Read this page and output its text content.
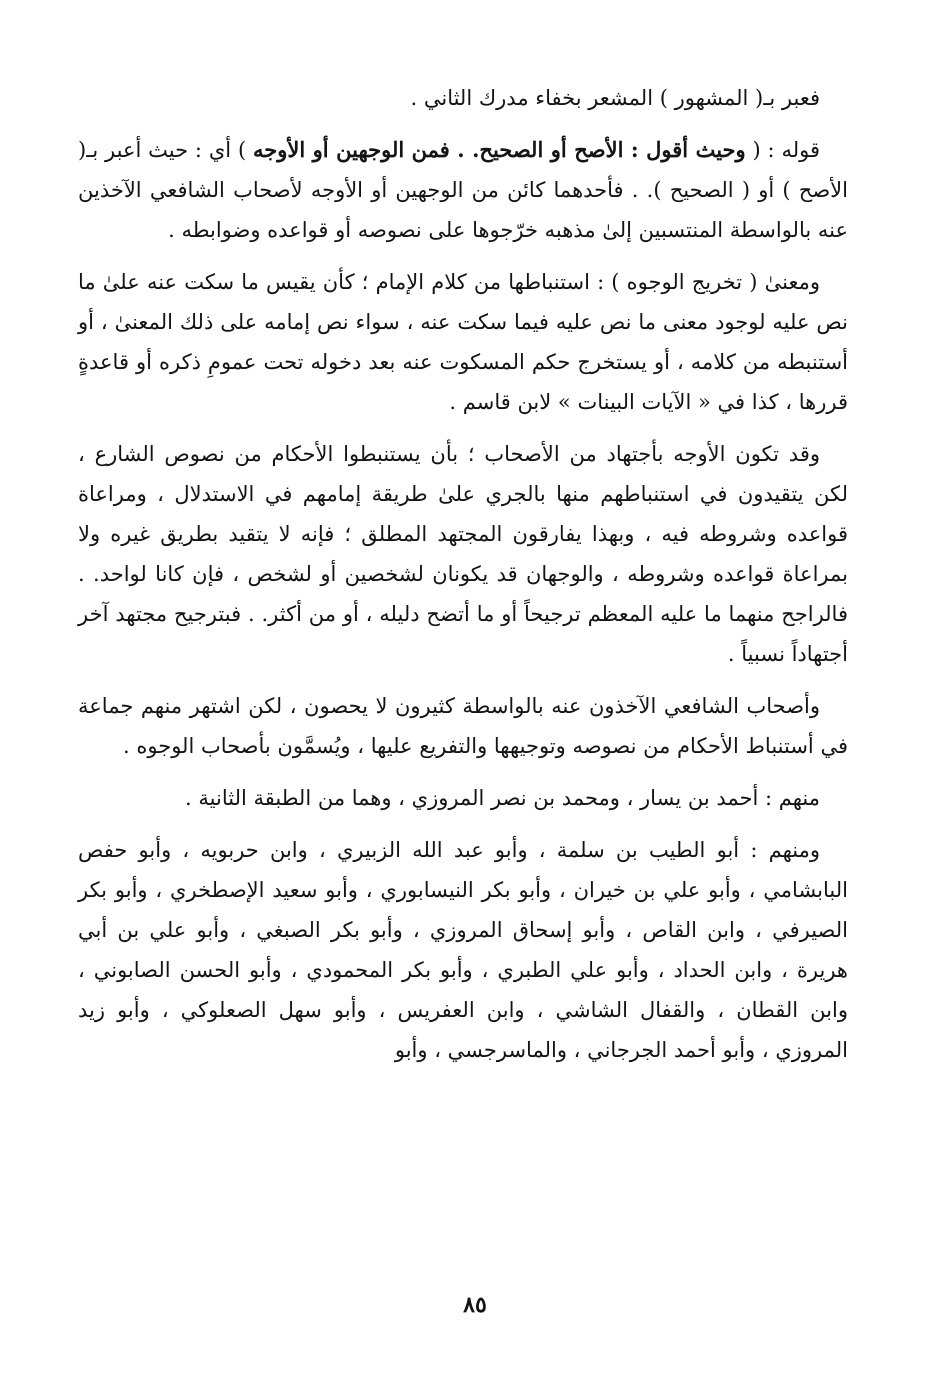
فعبر بـ( المشهور ) المشعر بخفاء مدرك الثاني .

قوله : ( وحيث أقول : الأصح أو الصحيح. . فمن الوجهين أو الأوجه ) أي : حيث أعبر بـ( الأصح ) أو ( الصحيح ). . فأحدهما كائن من الوجهين أو الأوجه لأصحاب الشافعي الآخذين عنه بالواسطة المنتسبين إلىٰ مذهبه خرّجوها على نصوصه أو قواعده وضوابطه .

ومعنىٰ ( تخريج الوجوه ) : استنباطها من كلام الإمام ؛ كأن يقيس ما سكت عنه علىٰ ما نص عليه لوجود معنى ما نص عليه فيما سكت عنه ، سواء نص إمامه على ذلك المعنىٰ ، أو أستنبطه من كلامه ، أو يستخرج حكم المسكوت عنه بعد دخوله تحت عمومِ ذكره أو قاعدةٍ قررها ، كذا في « الآيات البينات » لابن قاسم .

وقد تكون الأوجه بأجتهاد من الأصحاب ؛ بأن يستنبطوا الأحكام من نصوص الشارع ، لكن يتقيدون في استنباطهم منها بالجري علىٰ طريقة إمامهم في الاستدلال ، ومراعاة قواعده وشروطه فيه ، وبهذا يفارقون المجتهد المطلق ؛ فإنه لا يتقيد بطريق غيره ولا بمراعاة قواعده وشروطه ، والوجهان قد يكونان لشخصين أو لشخص ، فإن كانا لواحد. . فالراجح منهما ما عليه المعظم ترجيحاً أو ما أتضح دليله ، أو من أكثر. . فبترجيح مجتهد آخر أجتهاداً نسبياً .

وأصحاب الشافعي الآخذون عنه بالواسطة كثيرون لا يحصون ، لكن اشتهر منهم جماعة في أستنباط الأحكام من نصوصه وتوجيهها والتفريع عليها ، ويُسمَّون بأصحاب الوجوه .

منهم : أحمد بن يسار ، ومحمد بن نصر المروزي ، وهما من الطبقة الثانية .

ومنهم : أبو الطيب بن سلمة ، وأبو عبد الله الزبيري ، وابن حربويه ، وأبو حفص البابشامي ، وأبو علي بن خيران ، وأبو بكر النيسابوري ، وأبو سعيد الإصطخري ، وأبو بكر الصيرفي ، وابن القاص ، وأبو إسحاق المروزي ، وأبو بكر الصبغي ، وأبو علي بن أبي هريرة ، وابن الحداد ، وأبو علي الطبري ، وأبو بكر المحمودي ، وأبو الحسن الصابوني ، وابن القطان ، والقفال الشاشي ، وابن العفريس ، وأبو سهل الصعلوكي ، وأبو زيد المروزي ، وأبو أحمد الجرجاني ، والماسرجسي ، وأبو

٨٥
